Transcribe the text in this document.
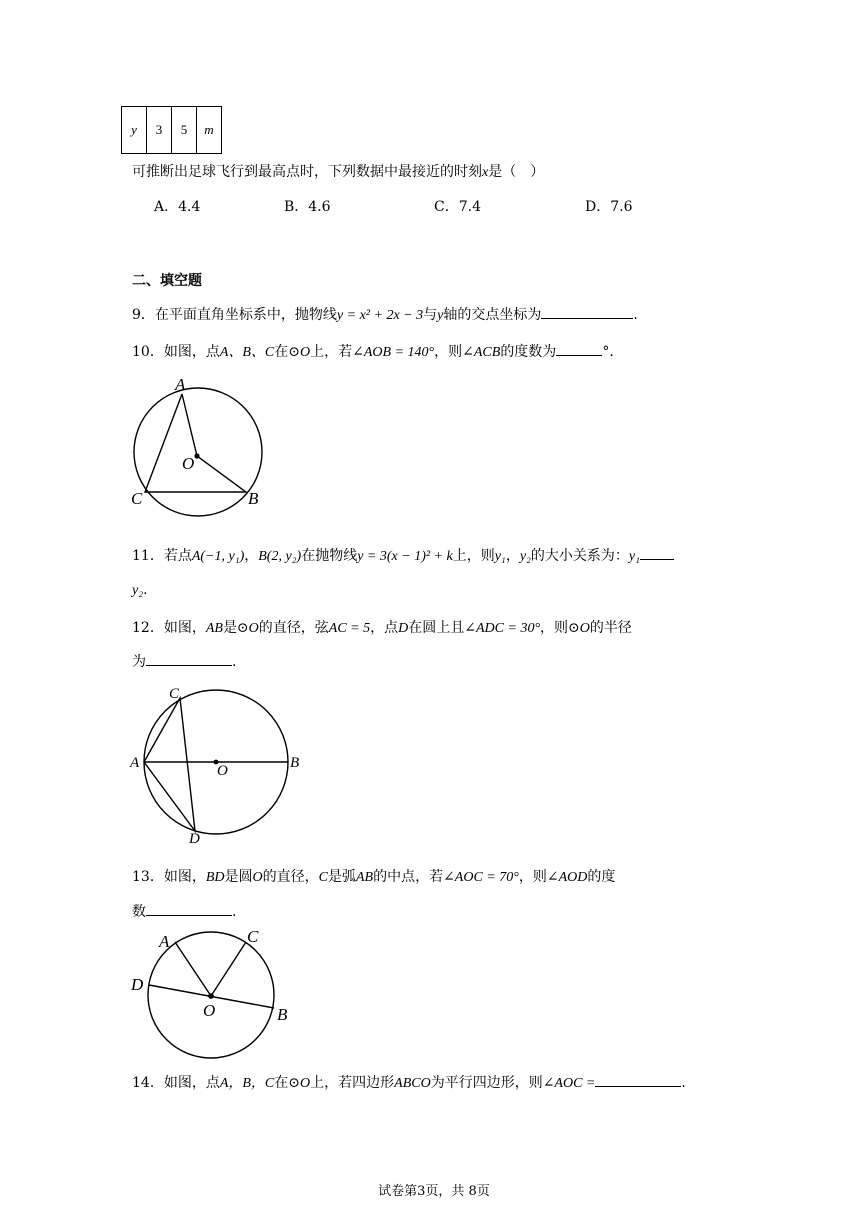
y	3	5	m
可推断出足球飞行到最高点时，下列数据中最接近的时刻x是（　）
A．4.4	B．4.6	C．7.4	D．7.6
二、填空题
9．在平面直角坐标系中，抛物线y = x² + 2x − 3与y轴的交点坐标为	.
10．如图，点A、B、C在⊙O上，若∠AOB = 140°，则∠ACB的度数为	°.
A
O
C	B
11．若点A(−1, y₁)，B(2, y₂)在抛物线y = 3(x − 1)² + k上，则y₁，y₂的大小关系为：y₁
y₂.
12．如图，AB是⊙O的直径，弦AC = 5，点D在圆上且∠ADC = 30°，则⊙O的半径
为	.
C
A	O	B
D
13．如图，BD是圆O的直径，C是弧AB的中点，若∠AOC = 70°，则∠AOD的度
数	.
A	C
D
O	B
14．如图，点A，B，C在⊙O上，若四边形ABCO为平行四边形，则∠AOC =	.
试卷第3页，共 8页
